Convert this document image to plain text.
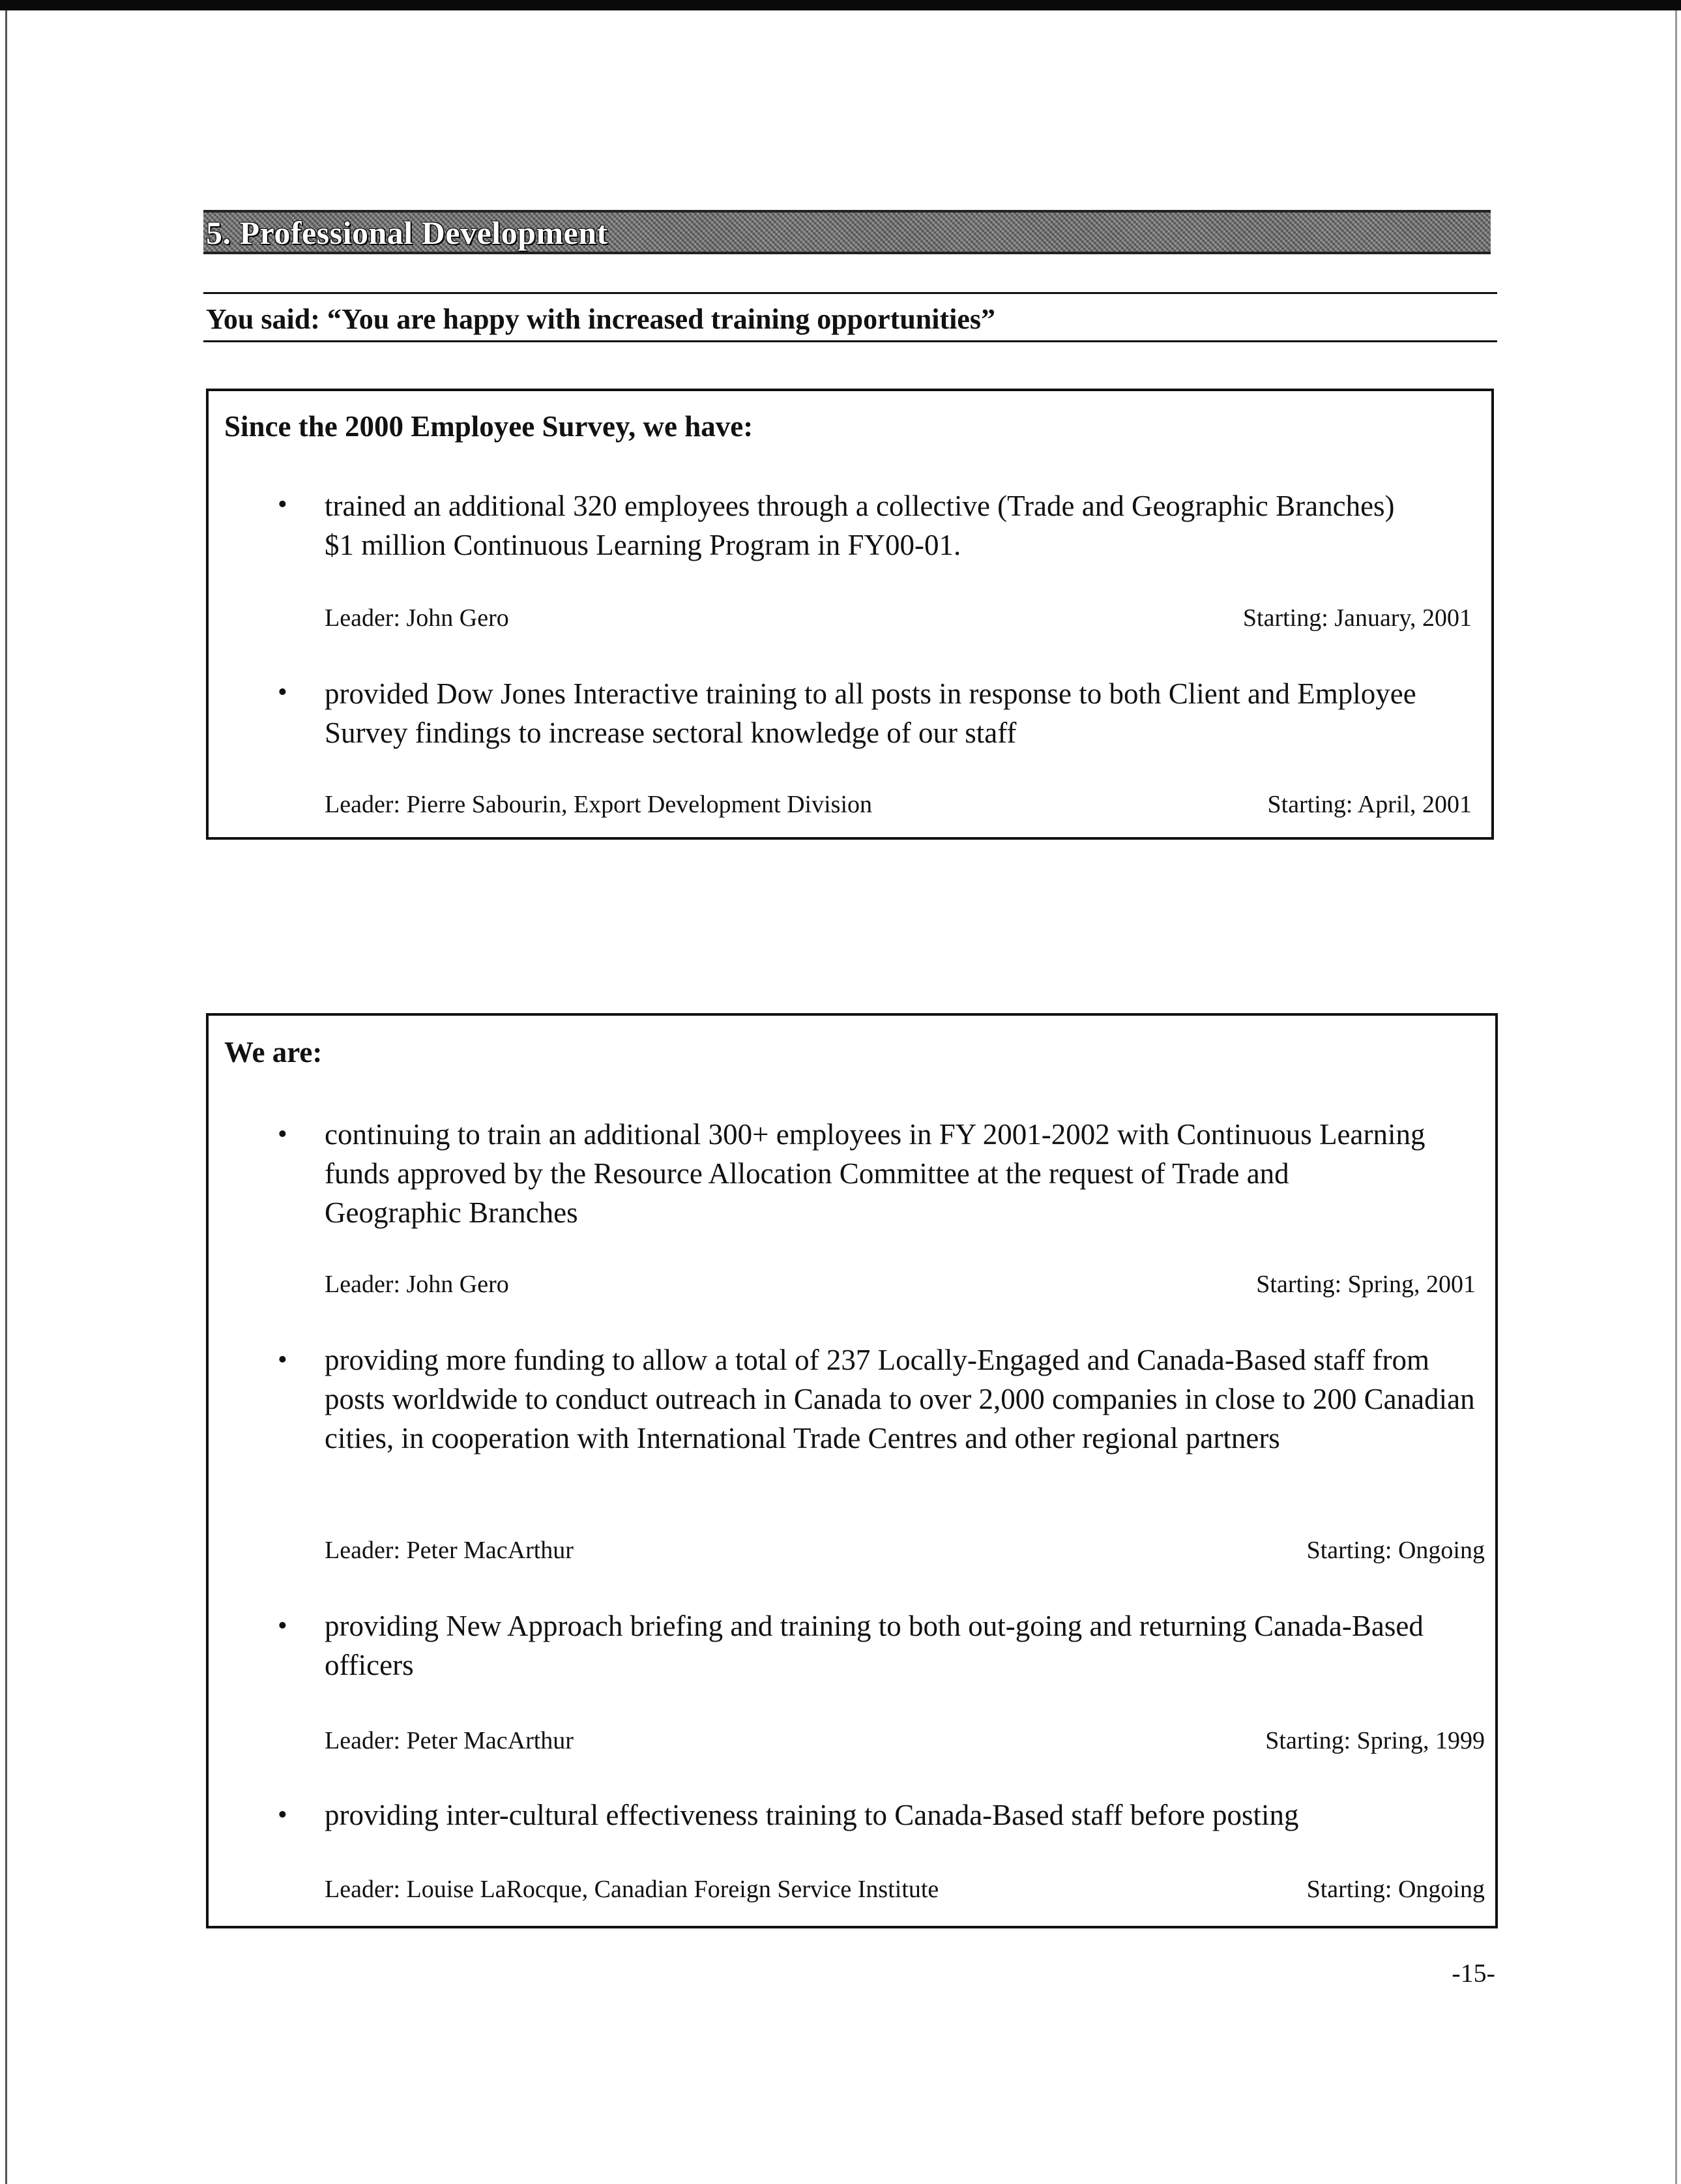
5. Professional Development
You said: “You are happy with increased training opportunities”
Since the 2000 Employee Survey, we have:
• trained an additional 320 employees through a collective (Trade and Geographic Branches) $1 million Continuous Learning Program in FY00-01.
Leader: John Gero	Starting: January, 2001
• provided Dow Jones Interactive training to all posts in response to both Client and Employee Survey findings to increase sectoral knowledge of our staff
Leader: Pierre Sabourin, Export Development Division	Starting: April, 2001
We are:
• continuing to train an additional 300+ employees in FY 2001-2002 with Continuous Learning funds approved by the Resource Allocation Committee at the request of Trade and Geographic Branches
Leader: John Gero	Starting: Spring, 2001
• providing more funding to allow a total of 237 Locally-Engaged and Canada-Based staff from posts worldwide to conduct outreach in Canada to over 2,000 companies in close to 200 Canadian cities, in cooperation with International Trade Centres and other regional partners
Leader: Peter MacArthur	Starting: Ongoing
• providing New Approach briefing and training to both out-going and returning Canada-Based officers
Leader: Peter MacArthur	Starting: Spring, 1999
• providing inter-cultural effectiveness training to Canada-Based staff before posting
Leader: Louise LaRocque, Canadian Foreign Service Institute	Starting: Ongoing
-15-
